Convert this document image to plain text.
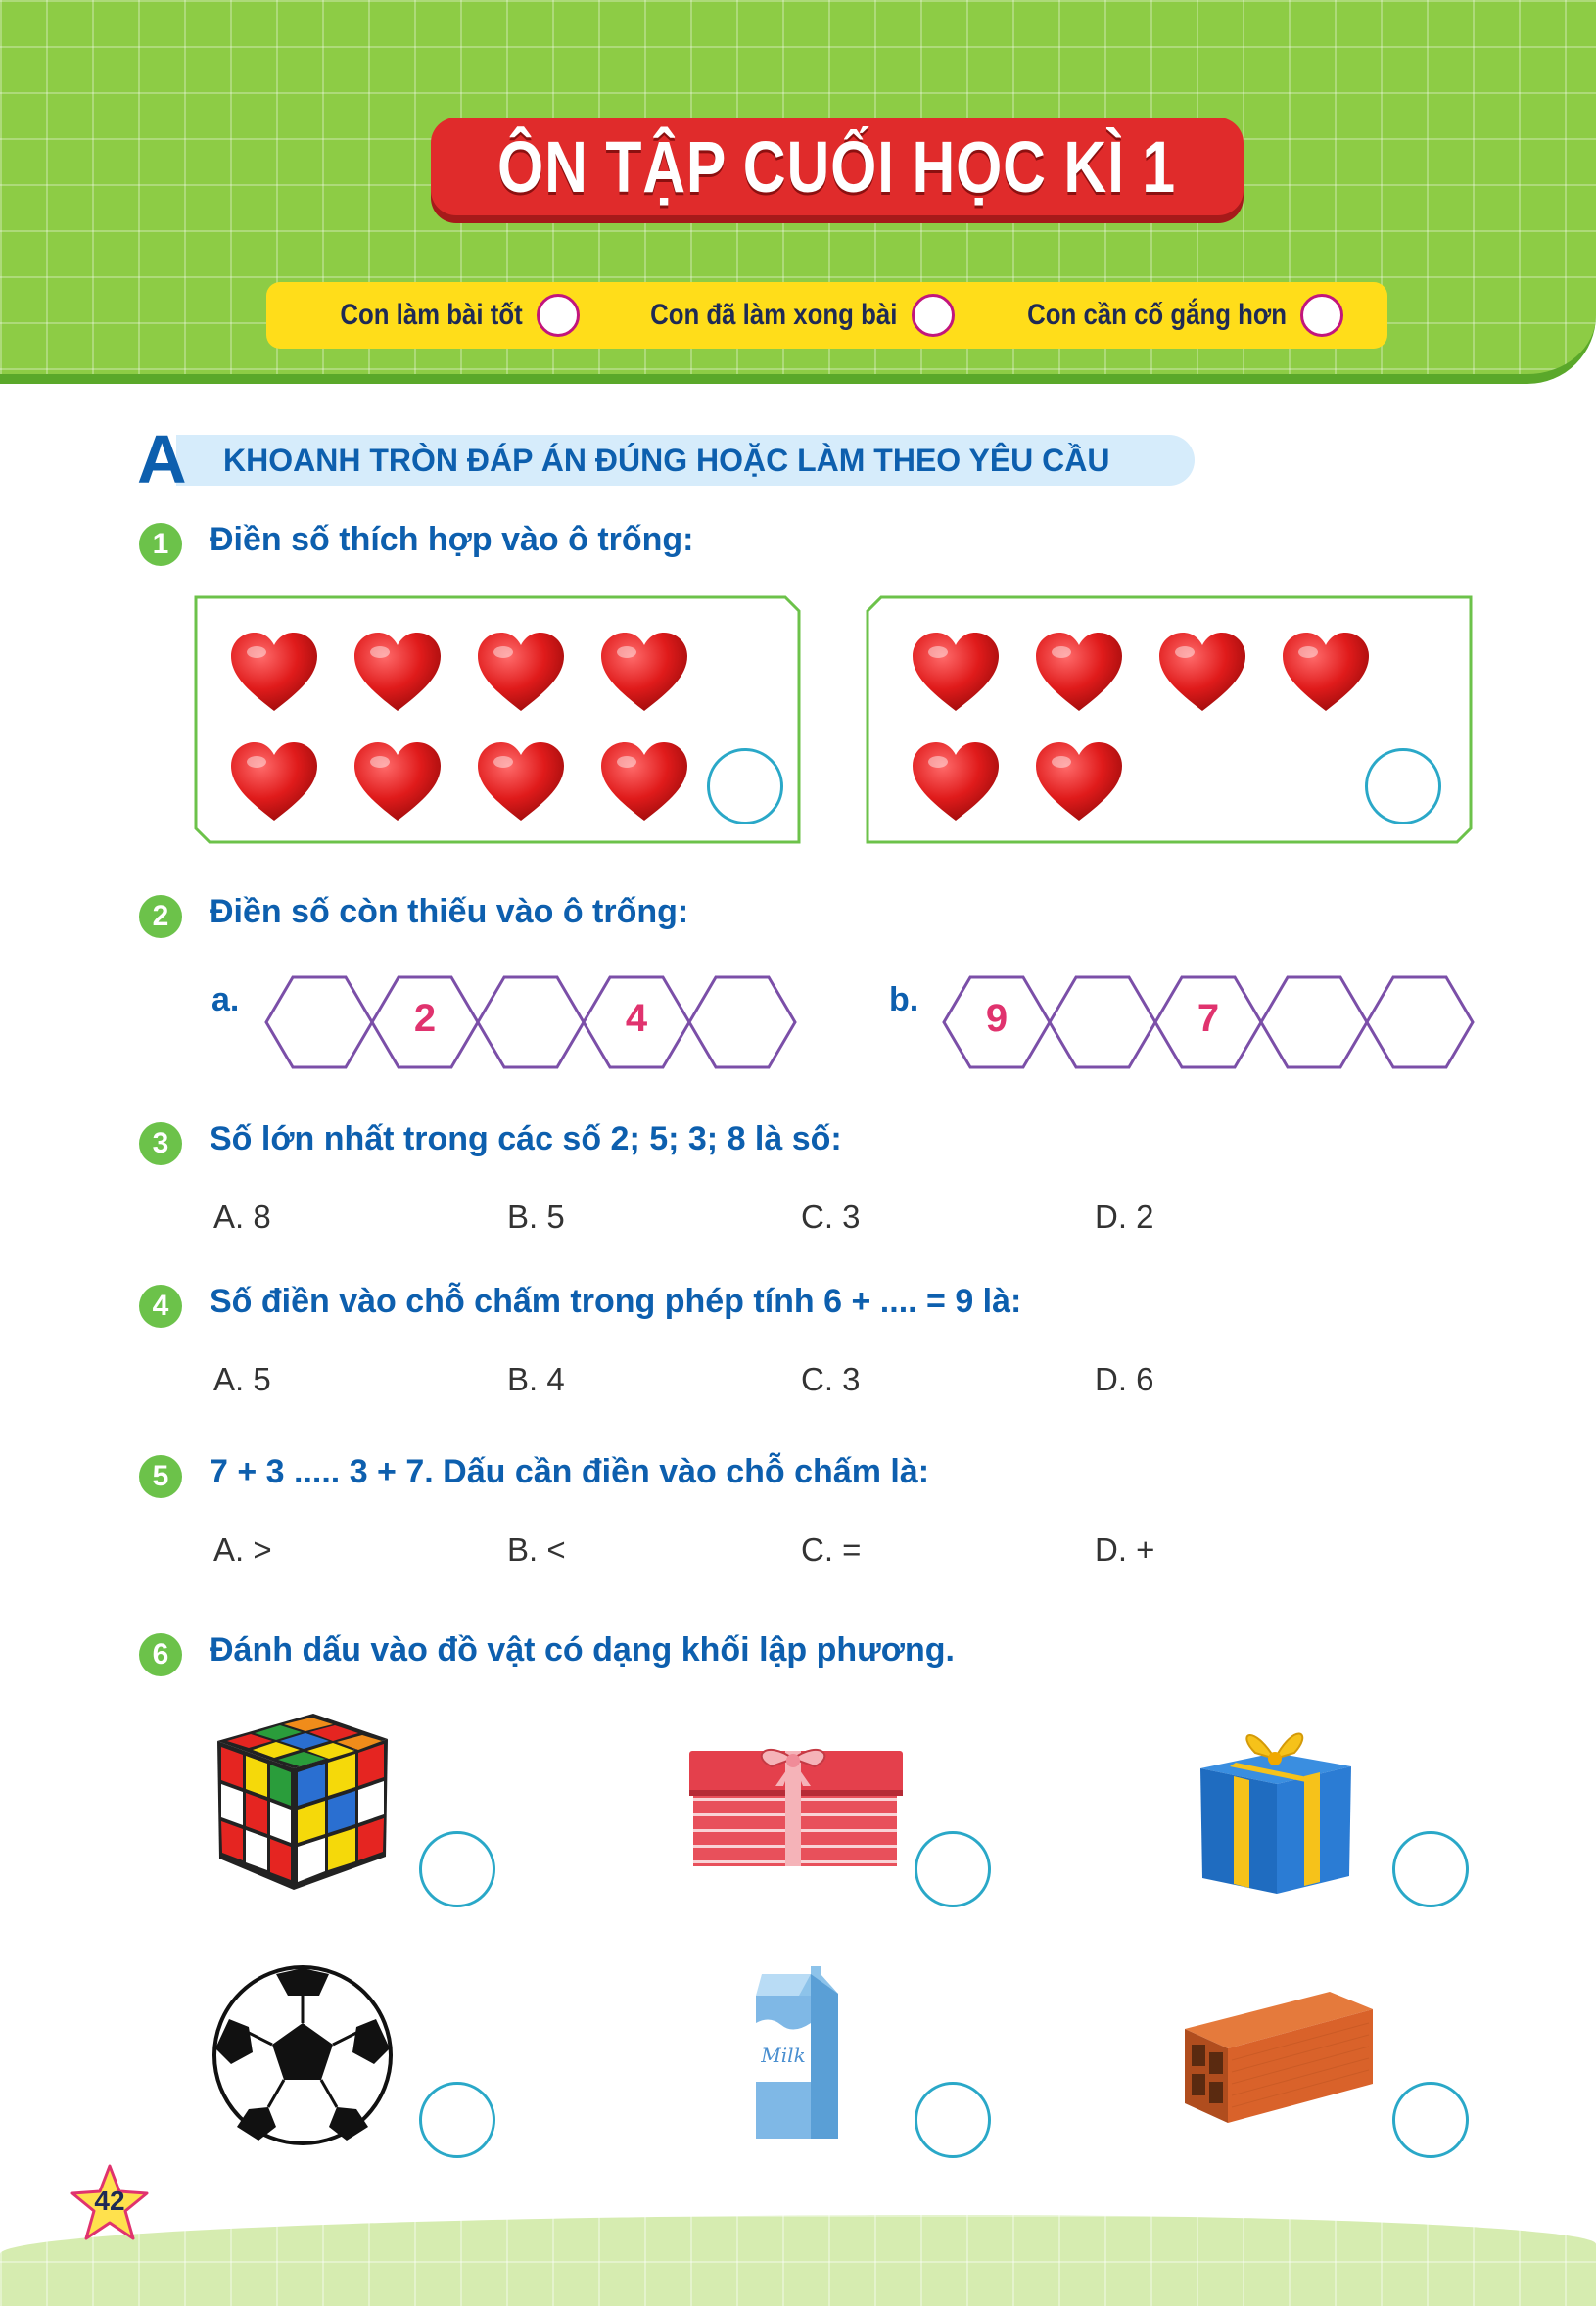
ÔN TẬP CUỐI HỌC KÌ 1
Con làm bài tốt	Con đã làm xong bài	Con cần cố gắng hơn
KHOANH TRÒN ĐÁP ÁN ĐÚNG HOẶC LÀM THEO YÊU CẦU
A
1	Điền số thích hợp vào ô trống:
2	Điền số còn thiếu vào ô trống:
a.	b.
2	4	9	7
3	Số lớn nhất trong các số 2; 5; 3; 8 là số:
A. 8	B. 5	C. 3	D. 2
4	Số điền vào chỗ chấm trong phép tính 6 + .... = 9 là:
A. 5	B. 4	C. 3	D. 6
5	7 + 3 ..... 3 + 7. Dấu cần điền vào chỗ chấm là:
A. >	B. <	C. =	D. +
6	Đánh dấu vào đồ vật có dạng khối lập phương.
Milk
42
